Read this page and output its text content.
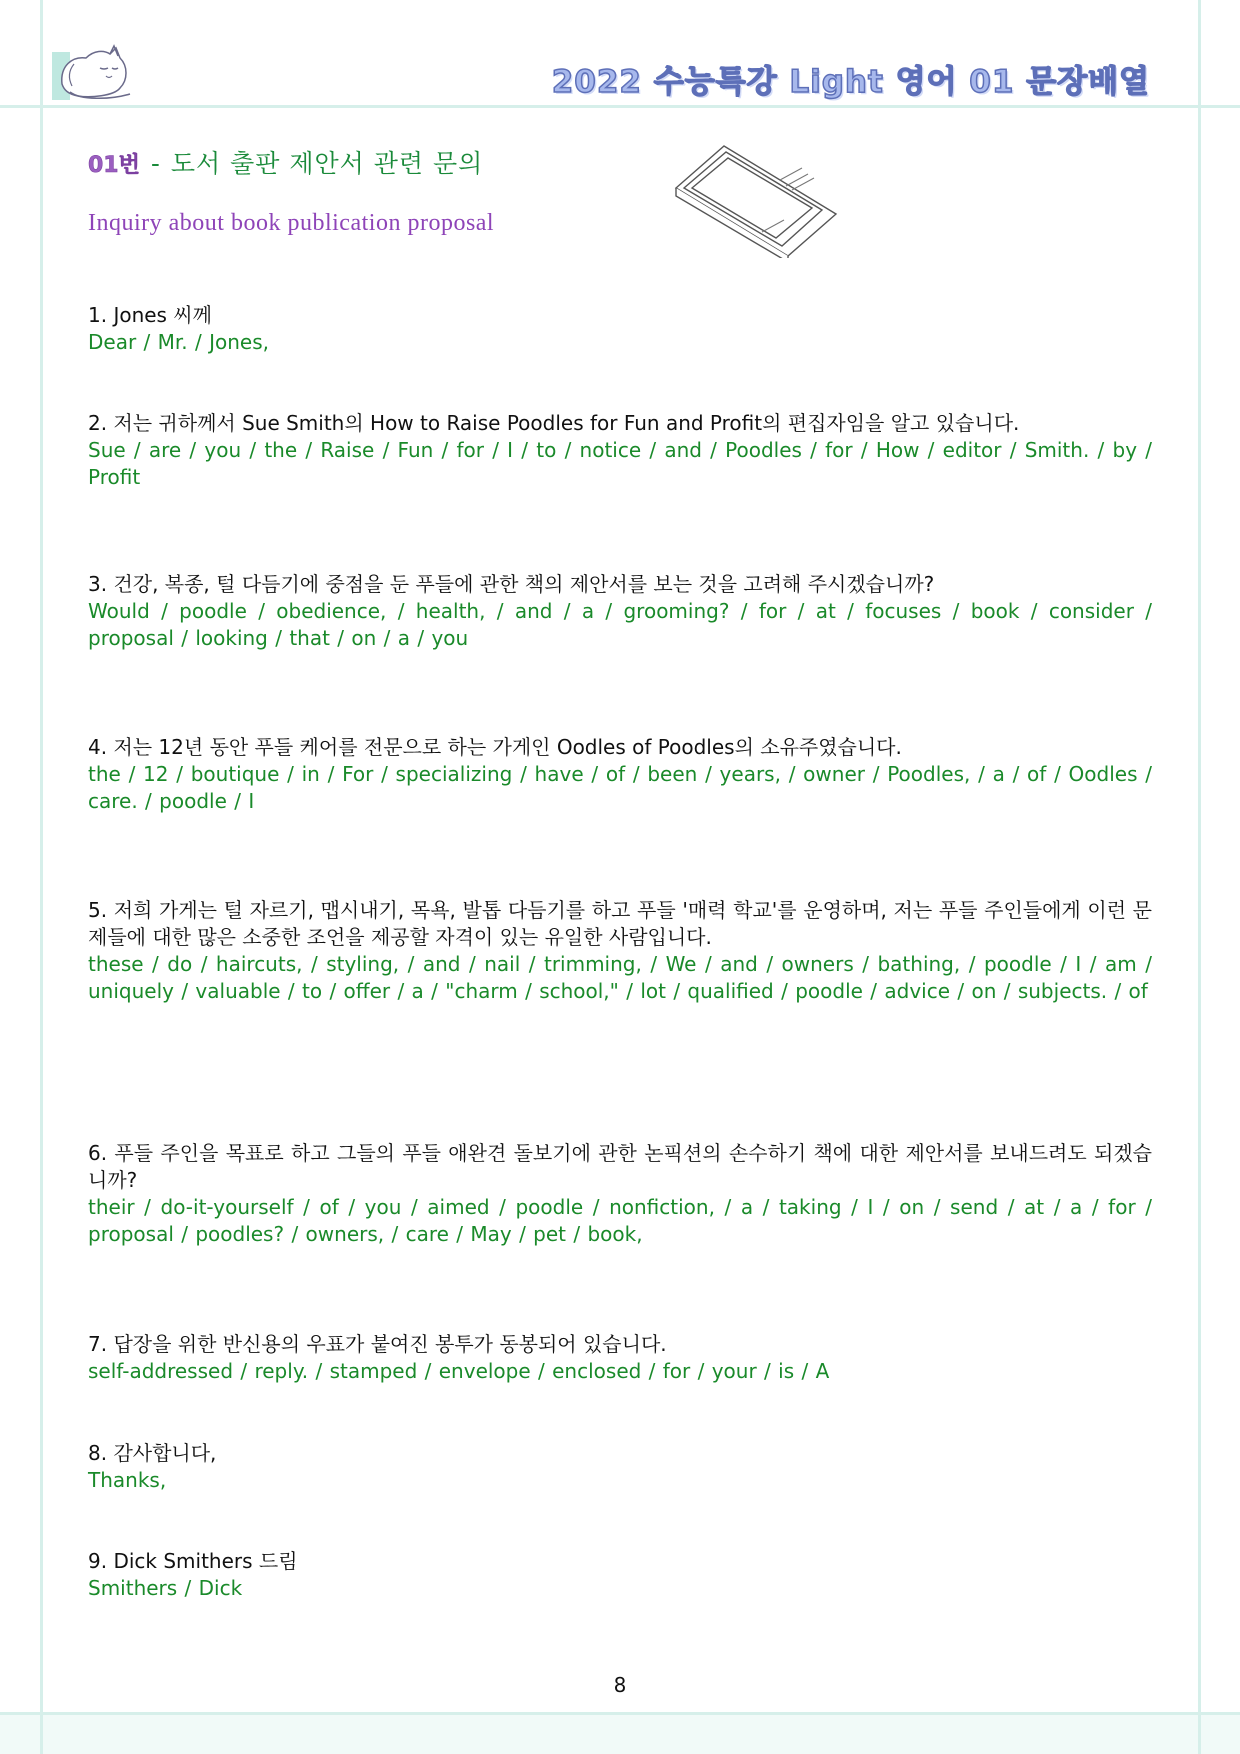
2022 수능특강 Light 영어 01 문장배열
01번 - 도서 출판 제안서 관련 문의
Inquiry about book publication proposal
1. Jones 씨께
Dear / Mr. / Jones,
2. 저는 귀하께서 Sue Smith의 How to Raise Poodles for Fun and Profit의 편집자임을 알고 있습니다.
Sue / are / you / the / Raise / Fun / for / I / to / notice / and / Poodles / for / How / editor / Smith. / by / Profit
3. 건강, 복종, 털 다듬기에 중점을 둔 푸들에 관한 책의 제안서를 보는 것을 고려해 주시겠습니까?
Would / poodle / obedience, / health, / and / a / grooming? / for / at / focuses / book / consider / proposal / looking / that / on / a / you
4. 저는 12년 동안 푸들 케어를 전문으로 하는 가게인 Oodles of Poodles의 소유주였습니다.
the / 12 / boutique / in / For / specializing / have / of / been / years, / owner / Poodles, / a / of / Oodles / care. / poodle / I
5. 저희 가게는 털 자르기, 맵시내기, 목욕, 발톱 다듬기를 하고 푸들 '매력 학교'를 운영하며, 저는 푸들 주인들에게 이런 문제들에 대한 많은 소중한 조언을 제공할 자격이 있는 유일한 사람입니다.
these / do / haircuts, / styling, / and / nail / trimming, / We / and / owners / bathing, / poodle / I / am / uniquely / valuable / to / offer / a / "charm / school," / lot / qualified / poodle / advice / on / subjects. / of
6. 푸들 주인을 목표로 하고 그들의 푸들 애완견 돌보기에 관한 논픽션의 손수하기 책에 대한 제안서를 보내드려도 되겠습니까?
their / do-it-yourself / of / you / aimed / poodle / nonfiction, / a / taking / I / on / send / at / a / for / proposal / poodles? / owners, / care / May / pet / book,
7. 답장을 위한 반신용의 우표가 붙여진 봉투가 동봉되어 있습니다.
self-addressed / reply. / stamped / envelope / enclosed / for / your / is / A
8. 감사합니다,
Thanks,
9. Dick Smithers 드림
Smithers / Dick
8
